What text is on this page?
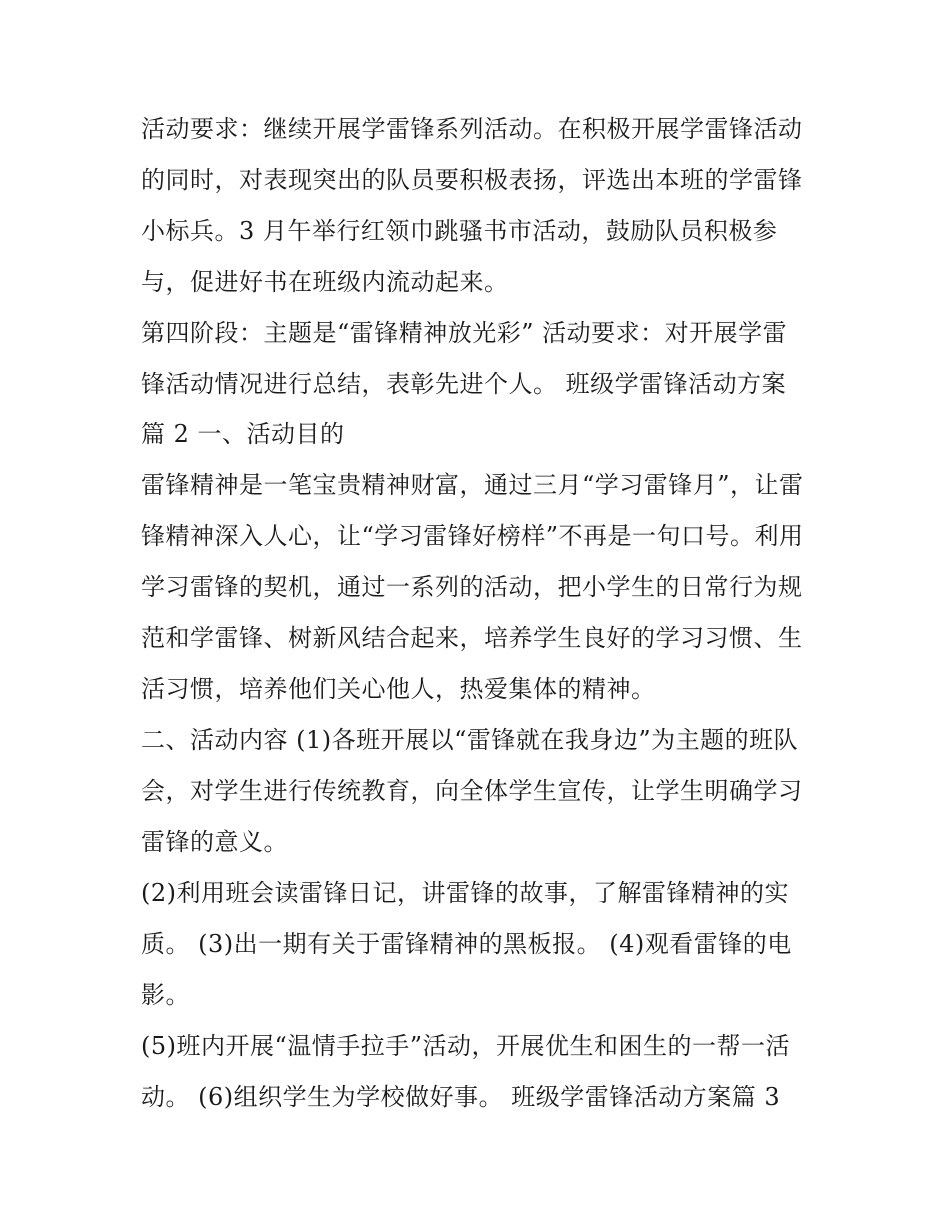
活动要求：继续开展学雷锋系列活动。在积极开展学雷锋活动
的同时，对表现突出的队员要积极表扬，评选出本班的学雷锋
小标兵。3 月午举行红领巾跳骚书市活动，鼓励队员积极参
与，促进好书在班级内流动起来。
第四阶段：主题是“雷锋精神放光彩” 活动要求：对开展学雷
锋活动情况进行总结，表彰先进个人。 班级学雷锋活动方案
篇 2 一、活动目的
雷锋精神是一笔宝贵精神财富，通过三月“学习雷锋月”，让雷
锋精神深入人心，让“学习雷锋好榜样”不再是一句口号。利用
学习雷锋的契机，通过一系列的活动，把小学生的日常行为规
范和学雷锋、树新风结合起来，培养学生良好的学习习惯、生
活习惯，培养他们关心他人，热爱集体的精神。
二、活动内容 (1)各班开展以“雷锋就在我身边”为主题的班队
会，对学生进行传统教育，向全体学生宣传，让学生明确学习
雷锋的意义。
(2)利用班会读雷锋日记，讲雷锋的故事，了解雷锋精神的实
质。 (3)出一期有关于雷锋精神的黑板报。 (4)观看雷锋的电
影。
(5)班内开展“温情手拉手”活动，开展优生和困生的一帮一活
动。 (6)组织学生为学校做好事。 班级学雷锋活动方案篇 3
